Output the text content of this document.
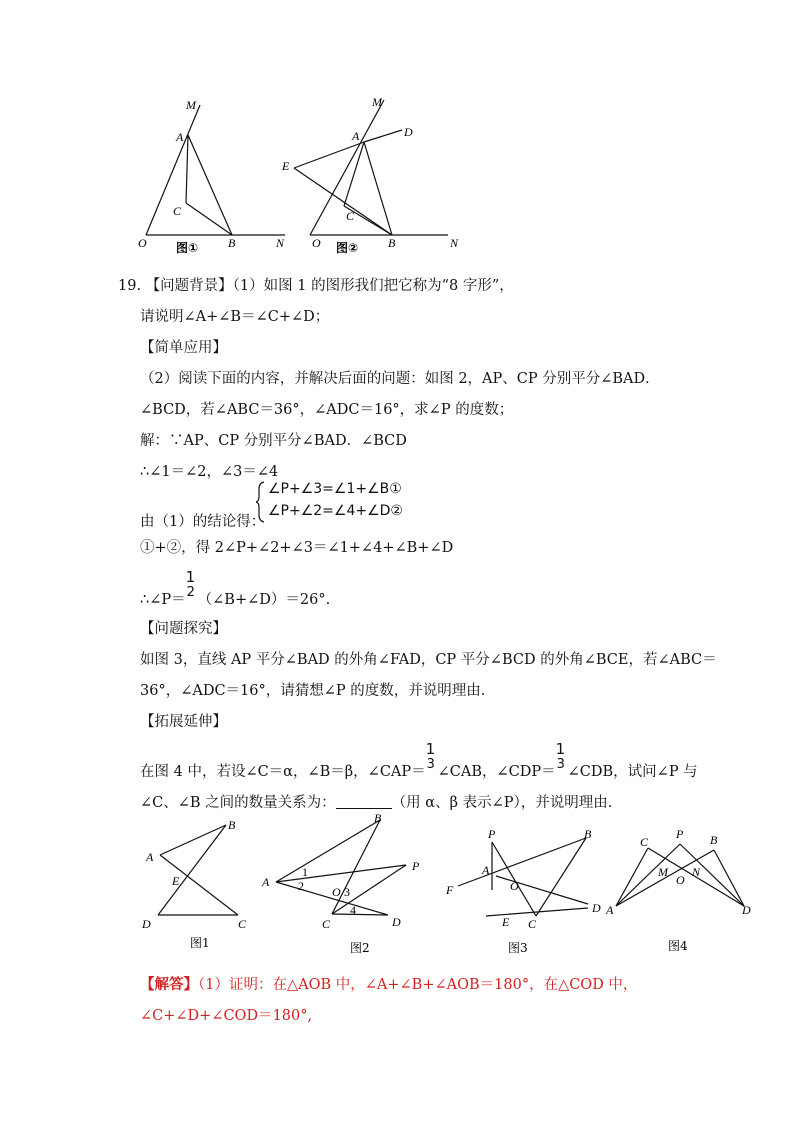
M
A
C
O	B	N
图①
M
A	D
E
C
O	B	N
图②
19. 【问题背景】（1）如图 1 的图形我们把它称为“8 字形”，
请说明∠A+∠B＝∠C+∠D；
【简单应用】
（2）阅读下面的内容，并解决后面的问题：如图 2，AP、CP 分别平分∠BAD．
∠BCD，若∠ABC＝36°，∠ADC＝16°，求∠P 的度数；
解：∵AP、CP 分别平分∠BAD．∠BCD
∴∠1＝∠2，∠3＝∠4
由（1）的结论得：
∠P+∠3=∠1+∠B①
∠P+∠2=∠4+∠D②
①+②，得 2∠P+∠2+∠3＝∠1+∠4+∠B+∠D
∴∠P＝
1
2 （∠B+∠D）＝26°.
【问题探究】
如图 3，直线 AP 平分∠BAD 的外角∠FAD，CP 平分∠BCD 的外角∠BCE，若∠ABC＝
36°，∠ADC＝16°，请猜想∠P 的度数，并说明理由.
【拓展延伸】
在图 4 中，若设∠C＝α，∠B＝β，∠CAP＝
1
3 ∠CAB，∠CDP＝
1
3 ∠CDB，试问∠P 与
∠C、∠B 之间的数量关系为：	（用 α、β 表示∠P），并说明理由.
A
B
E
D	C
图1
A
B
P
C	D
1
2 O 3
4
图2
P	B
A
O
F
E C
D
图3
C
P B
M
O
N
A	D
图4
【解答】（1）证明：在△AOB 中，∠A+∠B+∠AOB＝180°，在△COD 中，
∠C+∠D+∠COD＝180°,
